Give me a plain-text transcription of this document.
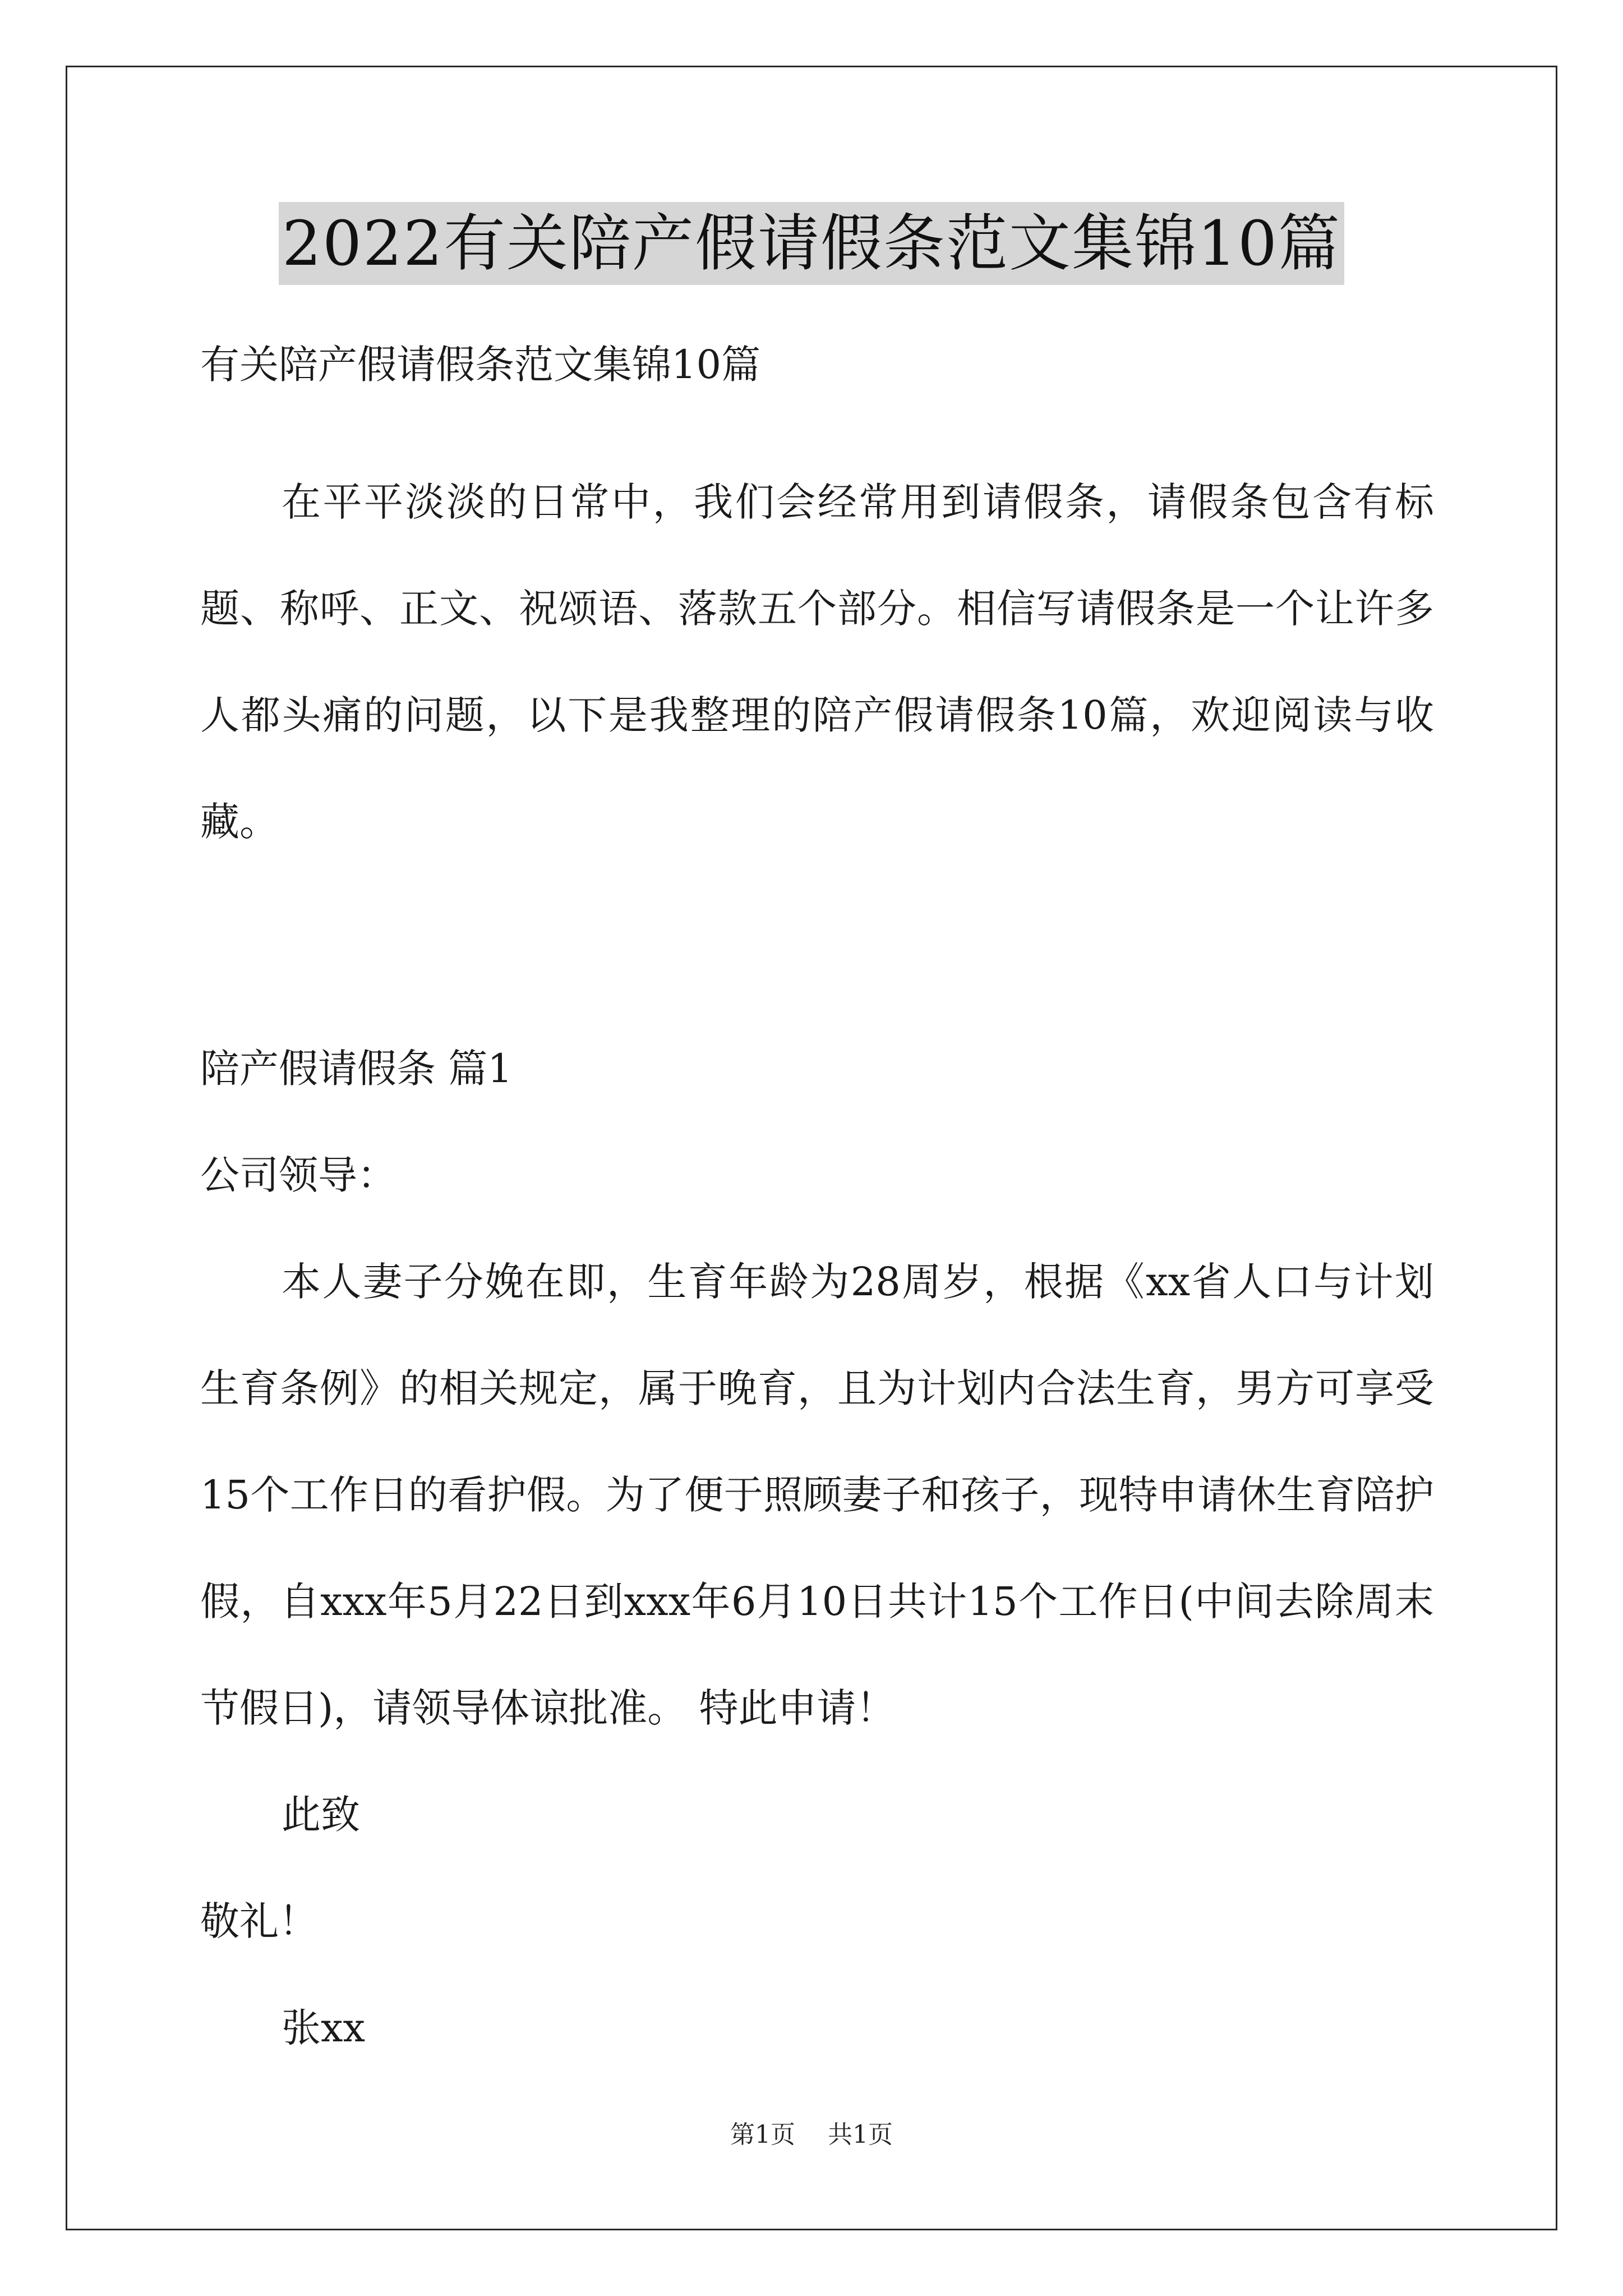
2022有关陪产假请假条范文集锦10篇

有关陪产假请假条范文集锦10篇

在平平淡淡的日常中，我们会经常用到请假条，请假条包含有标题、称呼、正文、祝颂语、落款五个部分。相信写请假条是一个让许多人都头痛的问题，以下是我整理的陪产假请假条10篇，欢迎阅读与收藏。

陪产假请假条 篇1

公司领导：

本人妻子分娩在即，生育年龄为28周岁，根据《xx省人口与计划生育条例》的相关规定，属于晚育，且为计划内合法生育，男方可享受15个工作日的看护假。为了便于照顾妻子和孩子，现特申请休生育陪护假，自xxx年5月22日到xxx年6月10日共计15个工作日(中间去除周末节假日)，请领导体谅批准。 特此申请！

此致

敬礼！

张xx

第1页 共1页
